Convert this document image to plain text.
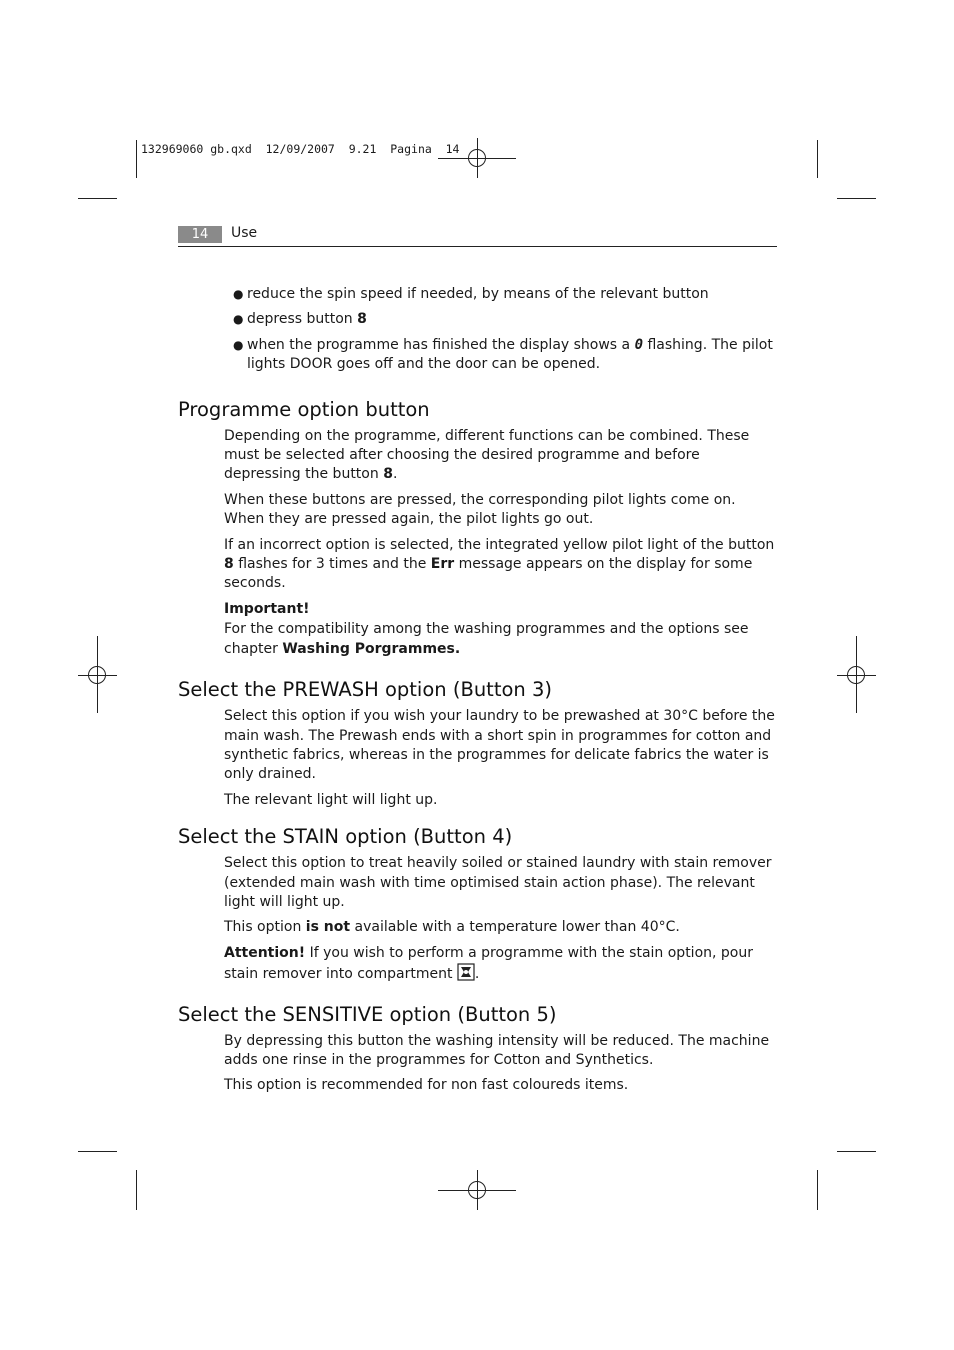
132969060 gb.qxd  12/09/2007  9.21  Pagina  14
14	Use
● reduce the spin speed if needed, by means of the relevant button
● depress button 8
● when the programme has finished the display shows a 0 flashing. The pilot lights DOOR goes off and the door can be opened.
Programme option button

Depending on the programme, different functions can be combined. These must be selected after choosing the desired programme and before depressing the button 8.

When these buttons are pressed, the corresponding pilot lights come on. When they are pressed again, the pilot lights go out.

If an incorrect option is selected, the integrated yellow pilot light of the button 8 flashes for 3 times and the Err message appears on the display for some seconds.

Important!

For the compatibility among the washing programmes and the options see chapter Washing Porgrammes.

Select the PREWASH option (Button 3)

Select this option if you wish your laundry to be prewashed at 30°C before the main wash. The Prewash ends with a short spin in programmes for cotton and synthetic fabrics, whereas in the programmes for delicate fabrics the water is only drained.

The relevant light will light up.

Select the STAIN option (Button 4)

Select this option to treat heavily soiled or stained laundry with stain remover (extended main wash with time optimised stain action phase). The relevant light will light up.

This option is not available with a temperature lower than 40°C.

Attention! If you wish to perform a programme with the stain option, pour stain remover into compartment .

Select the SENSITIVE option (Button 5)

By depressing this button the washing intensity will be reduced. The machine adds one rinse in the programmes for Cotton and Synthetics.

This option is recommended for non fast coloureds items.
